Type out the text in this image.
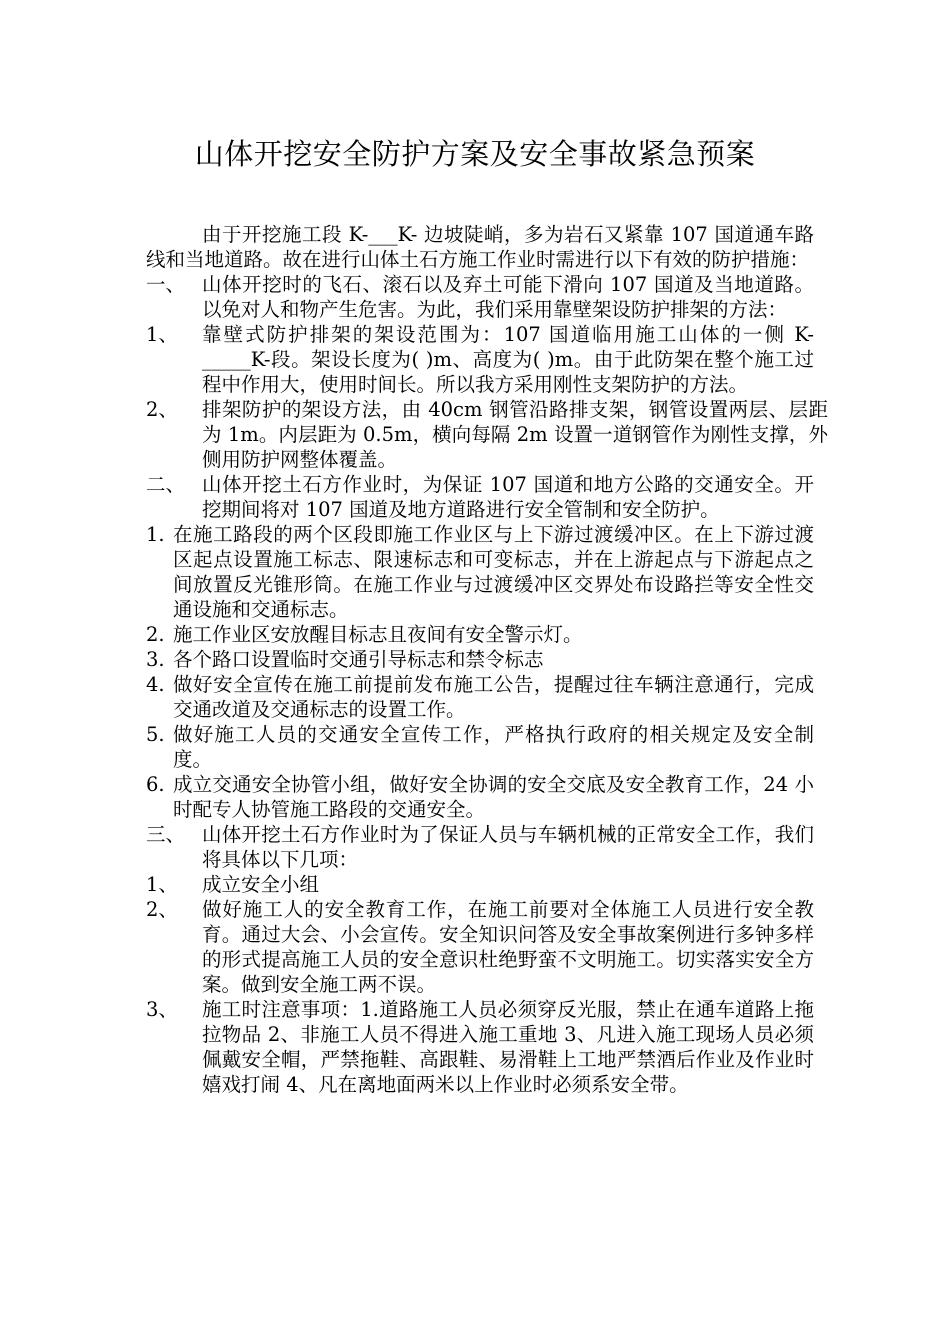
山体开挖安全防护方案及安全事故紧急预案
由于开挖施工段 K-___K- 边坡陡峭，多为岩石又紧靠 107 国道通车路线和当地道路。故在进行山体土石方施工作业时需进行以下有效的防护措施：
一、 山体开挖时的飞石、滚石以及弃土可能下滑向 107 国道及当地道路。以免对人和物产生危害。为此，我们采用靠壁架设防护排架的方法：
1、 靠壁式防护排架的架设范围为：107 国道临用施工山体的一侧 K-_____K-段。架设长度为( )m、高度为( )m。由于此防架在整个施工过程中作用大，使用时间长。所以我方采用刚性支架防护的方法。
2、 排架防护的架设方法，由 40cm 钢管沿路排支架，钢管设置两层、层距为 1m。内层距为 0.5m，横向每隔 2m 设置一道钢管作为刚性支撑，外侧用防护网整体覆盖。
二、 山体开挖土石方作业时，为保证 107 国道和地方公路的交通安全。开挖期间将对 107 国道及地方道路进行安全管制和安全防护。
1. 在施工路段的两个区段即施工作业区与上下游过渡缓冲区。在上下游过渡区起点设置施工标志、限速标志和可变标志，并在上游起点与下游起点之间放置反光锥形筒。在施工作业与过渡缓冲区交界处布设路拦等安全性交通设施和交通标志。
2. 施工作业区安放醒目标志且夜间有安全警示灯。
3. 各个路口设置临时交通引导标志和禁令标志
4. 做好安全宣传在施工前提前发布施工公告，提醒过往车辆注意通行，完成交通改道及交通标志的设置工作。
5. 做好施工人员的交通安全宣传工作，严格执行政府的相关规定及安全制度。
6. 成立交通安全协管小组，做好安全协调的安全交底及安全教育工作，24 小时配专人协管施工路段的交通安全。
三、 山体开挖土石方作业时为了保证人员与车辆机械的正常安全工作，我们将具体以下几项：
1、 成立安全小组
2、 做好施工人的安全教育工作，在施工前要对全体施工人员进行安全教育。通过大会、小会宣传。安全知识问答及安全事故案例进行多钟多样的形式提高施工人员的安全意识杜绝野蛮不文明施工。切实落实安全方案。做到安全施工两不误。
3、 施工时注意事项：1.道路施工人员必须穿反光服，禁止在通车道路上拖拉物品 2、非施工人员不得进入施工重地 3、凡进入施工现场人员必须佩戴安全帽，严禁拖鞋、高跟鞋、易滑鞋上工地严禁酒后作业及作业时嬉戏打闹 4、凡在离地面两米以上作业时必须系安全带。
